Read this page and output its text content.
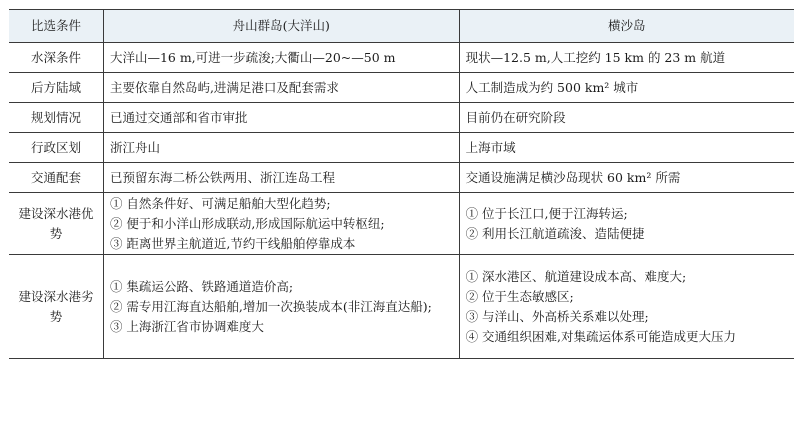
比选条件	舟山群岛(大洋山)	横沙岛
水深条件	大洋山—16 m,可进一步疏浚;大衢山—20~—50 m	现状—12.5 m,人工挖约 15 km 的 23 m 航道
后方陆域	主要依靠自然岛屿,进满足港口及配套需求	人工制造成为约 500 km² 城市
规划情况	已通过交通部和省市审批	目前仍在研究阶段
行政区划	浙江舟山	上海市域
交通配套	已预留东海二桥公铁两用、浙江连岛工程	交通设施满足横沙岛现状 60 km² 所需
建设深水港优势	① 自然条件好、可满足船舶大型化趋势;
② 便于和小洋山形成联动,形成国际航运中转枢纽;
③ 距离世界主航道近,节约干线船舶停靠成本	① 位于长江口,便于江海转运;
② 利用长江航道疏浚、造陆便捷

建设深水港劣势	① 集疏运公路、铁路通道造价高;
② 需专用江海直达船舶,增加一次换装成本(非江海直达船);
③ 上海浙江省市协调难度大	① 深水港区、航道建设成本高、难度大;
② 位于生态敏感区;
③ 与洋山、外高桥关系难以处理;
④ 交通组织困难,对集疏运体系可能造成更大压力
